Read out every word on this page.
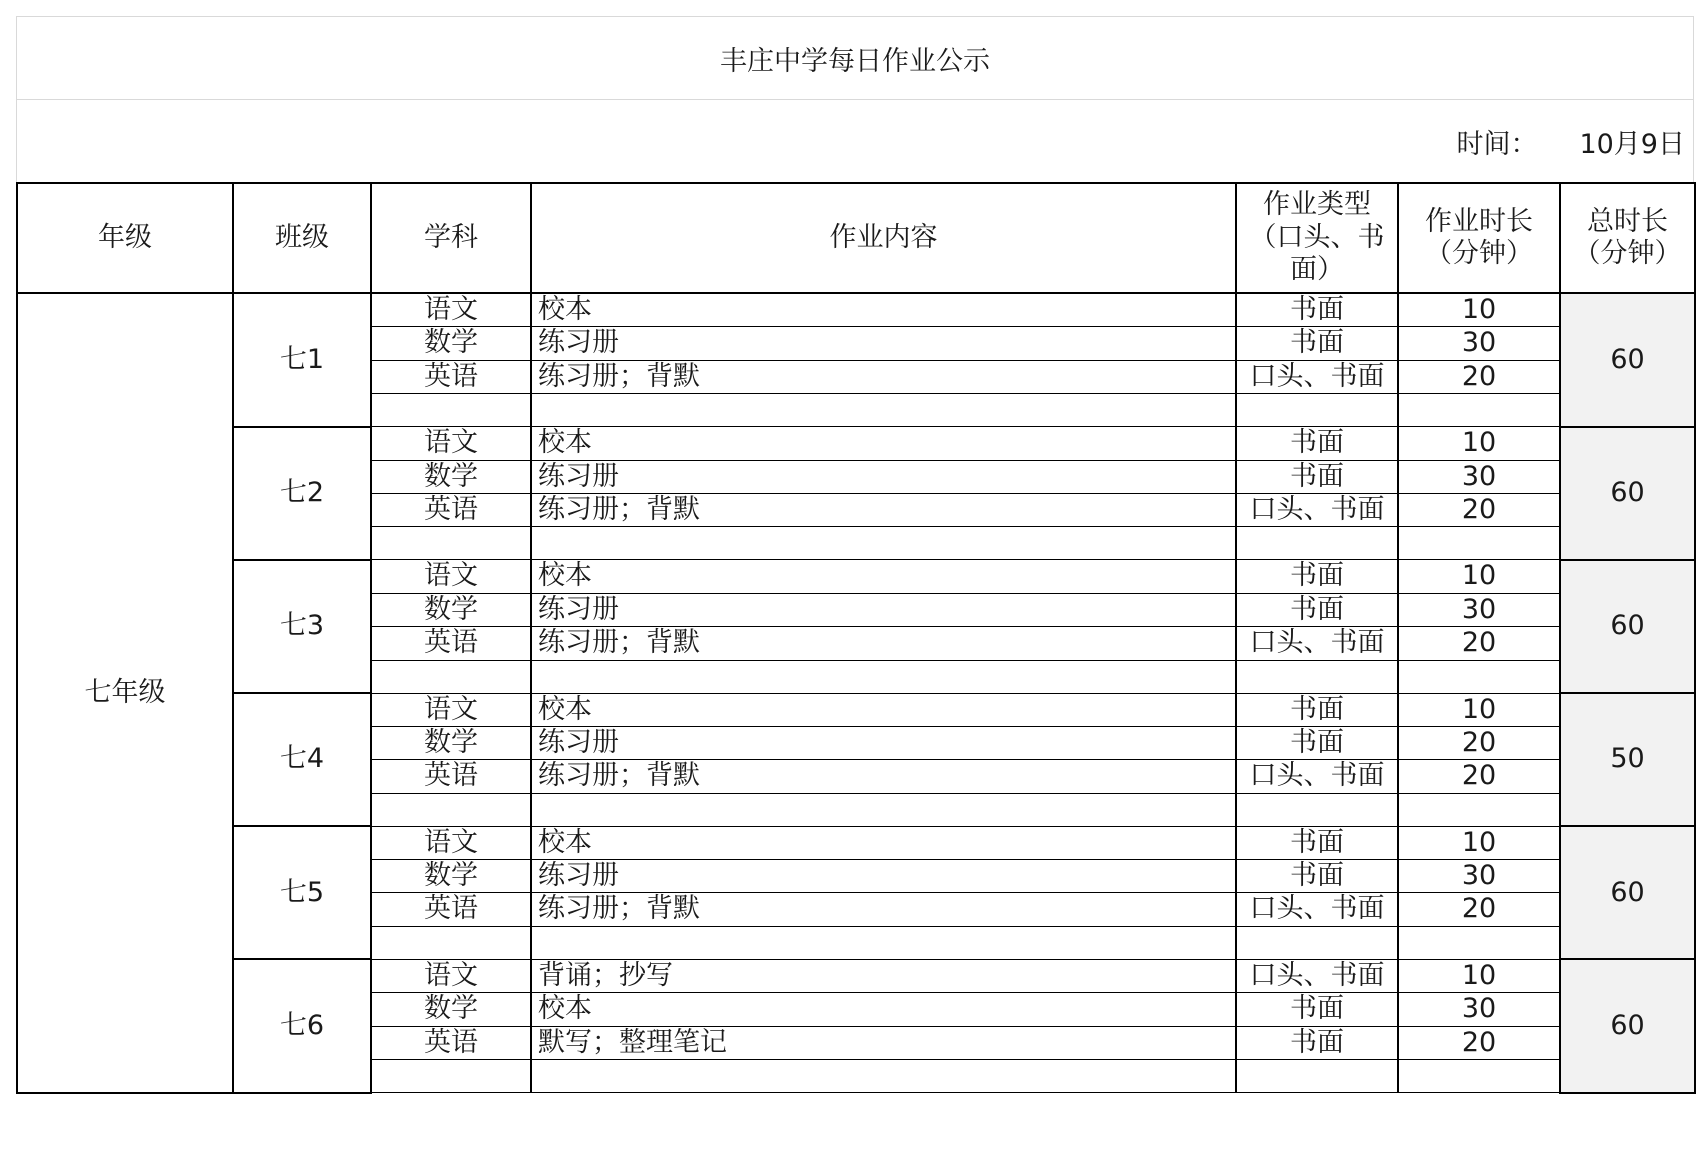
丰庄中学每日作业公示
时间： 10月9日
年级	班级	学科	作业内容	作业类型（口头、书面）	作业时长（分钟）	总时长（分钟）
七年级	七1	语文	校本	书面	10	60
		数学	练习册	书面	30	
		英语	练习册；背默	口头、书面	20	

	七2	语文	校本	书面	10	60
		数学	练习册	书面	30	
		英语	练习册；背默	口头、书面	20	

	七3	语文	校本	书面	10	60
		数学	练习册	书面	30	
		英语	练习册；背默	口头、书面	20	

	七4	语文	校本	书面	10	50
		数学	练习册	书面	20	
		英语	练习册；背默	口头、书面	20	

	七5	语文	校本	书面	10	60
		数学	练习册	书面	30	
		英语	练习册；背默	口头、书面	20	

	七6	语文	背诵；抄写	口头、书面	10	60
		数学	校本	书面	30	
		英语	默写；整理笔记	书面	20	
